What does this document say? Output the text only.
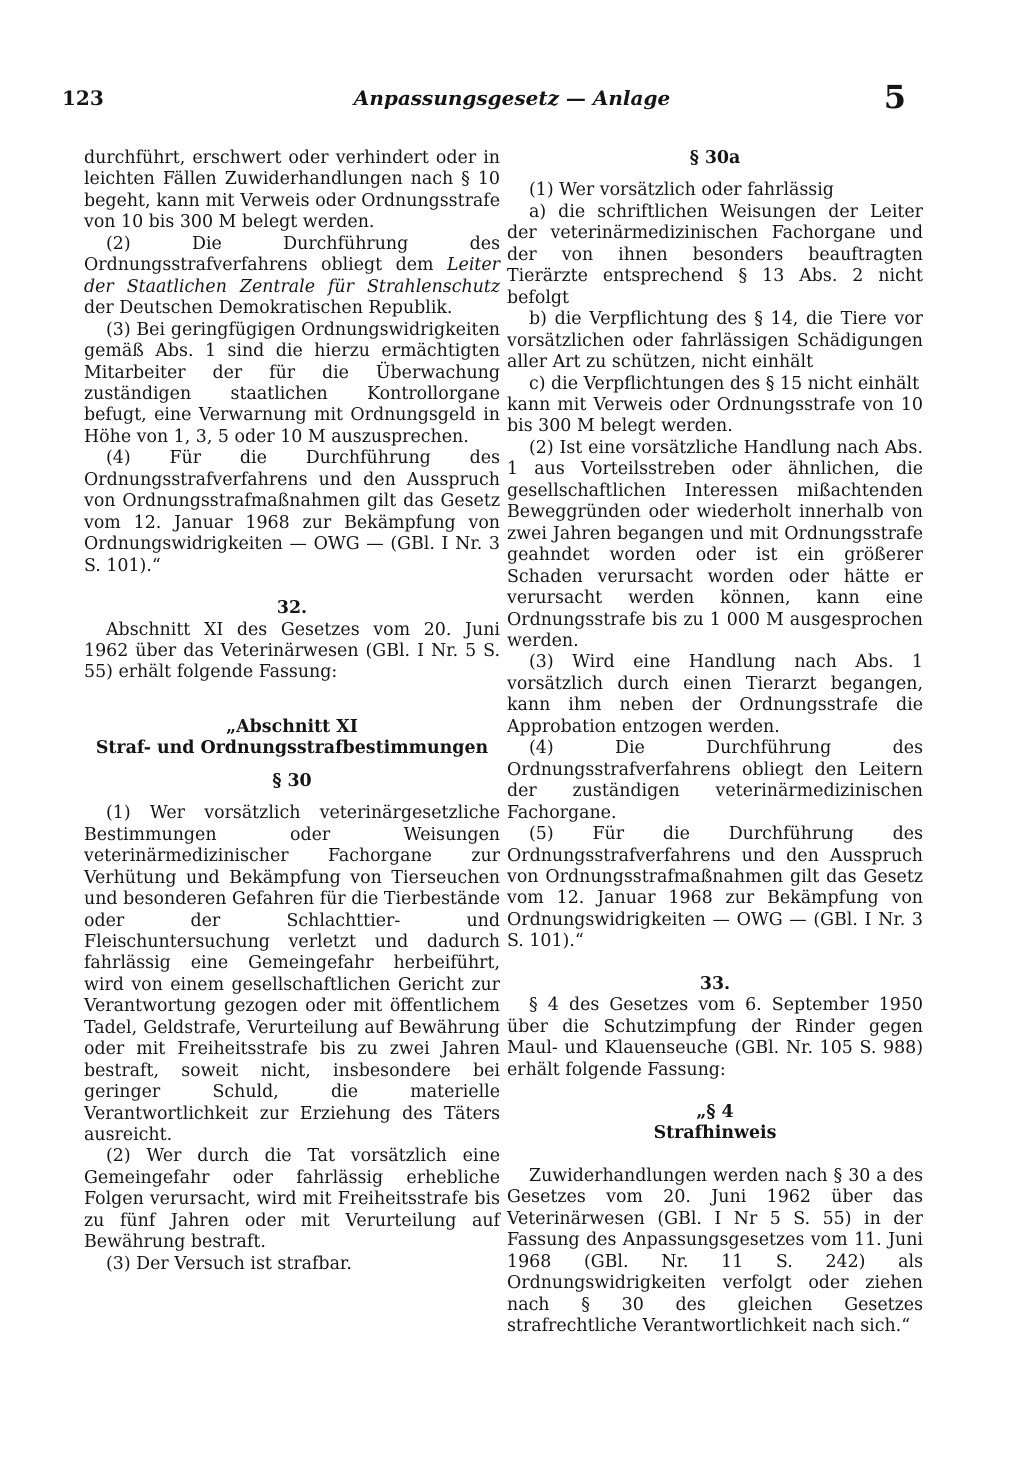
123	Anpassungsgesetz — Anlage	5

durchführt, erschwert oder verhindert oder in leichten Fällen Zuwiderhandlungen nach § 10 begeht, kann mit Verweis oder Ordnungsstrafe von 10 bis 300 M belegt werden.

(2) Die Durchführung des Ordnungsstrafverfahrens obliegt dem Leiter der Staatlichen Zentrale für Strahlenschutz der Deutschen Demokratischen Republik.

(3) Bei geringfügigen Ordnungswidrigkeiten gemäß Abs. 1 sind die hierzu ermächtigten Mitarbeiter der für die Überwachung zuständigen staatlichen Kontrollorgane befugt, eine Verwarnung mit Ordnungsgeld in Höhe von 1, 3, 5 oder 10 M auszusprechen.

(4) Für die Durchführung des Ordnungsstrafverfahrens und den Ausspruch von Ordnungsstrafmaßnahmen gilt das Gesetz vom 12. Januar 1968 zur Bekämpfung von Ordnungswidrigkeiten — OWG — (GBl. I Nr. 3 S. 101).“

32.

Abschnitt XI des Gesetzes vom 20. Juni 1962 über das Veterinärwesen (GBl. I Nr. 5 S. 55) erhält folgende Fassung:

„Abschnitt XI

Straf- und Ordnungsstrafbestimmungen

§ 30

(1) Wer vorsätzlich veterinärgesetzliche Bestimmungen oder Weisungen veterinärmedizinischer Fachorgane zur Verhütung und Bekämpfung von Tierseuchen und besonderen Gefahren für die Tierbestände oder der Schlachttier- und Fleischuntersuchung verletzt und dadurch fahrlässig eine Gemeingefahr herbeiführt, wird von einem gesellschaftlichen Gericht zur Verantwortung gezogen oder mit öffentlichem Tadel, Geldstrafe, Verurteilung auf Bewährung oder mit Freiheitsstrafe bis zu zwei Jahren bestraft, soweit nicht, insbesondere bei geringer Schuld, die materielle Verantwortlichkeit zur Erziehung des Täters ausreicht.

(2) Wer durch die Tat vorsätzlich eine Gemeingefahr oder fahrlässig erhebliche Folgen verursacht, wird mit Freiheitsstrafe bis zu fünf Jahren oder mit Verurteilung auf Bewährung bestraft.

(3) Der Versuch ist strafbar.

§ 30a

(1) Wer vorsätzlich oder fahrlässig

a) die schriftlichen Weisungen der Leiter der veterinärmedizinischen Fachorgane und der von ihnen besonders beauftragten Tierärzte entsprechend § 13 Abs. 2 nicht befolgt

b) die Verpflichtung des § 14, die Tiere vor vorsätzlichen oder fahrlässigen Schädigungen aller Art zu schützen, nicht einhält

c) die Verpflichtungen des § 15 nicht einhält

kann mit Verweis oder Ordnungsstrafe von 10 bis 300 M belegt werden.

(2) Ist eine vorsätzliche Handlung nach Abs. 1 aus Vorteilsstreben oder ähnlichen, die gesellschaftlichen Interessen mißachtenden Beweggründen oder wiederholt innerhalb von zwei Jahren begangen und mit Ordnungsstrafe geahndet worden oder ist ein größerer Schaden verursacht worden oder hätte er verursacht werden können, kann eine Ordnungsstrafe bis zu 1 000 M ausgesprochen werden.

(3) Wird eine Handlung nach Abs. 1 vorsätzlich durch einen Tierarzt begangen, kann ihm neben der Ordnungsstrafe die Approbation entzogen werden.

(4) Die Durchführung des Ordnungsstrafverfahrens obliegt den Leitern der zuständigen veterinärmedizinischen Fachorgane.

(5) Für die Durchführung des Ordnungsstrafverfahrens und den Ausspruch von Ordnungsstrafmaßnahmen gilt das Gesetz vom 12. Januar 1968 zur Bekämpfung von Ordnungswidrigkeiten — OWG — (GBl. I Nr. 3 S. 101).“

33.

§ 4 des Gesetzes vom 6. September 1950 über die Schutzimpfung der Rinder gegen Maul- und Klauenseuche (GBl. Nr. 105 S. 988) erhält folgende Fassung:

„§ 4

Strafhinweis

Zuwiderhandlungen werden nach § 30 a des Gesetzes vom 20. Juni 1962 über das Veterinärwesen (GBl. I Nr 5 S. 55) in der Fassung des Anpassungsgesetzes vom 11. Juni 1968 (GBl. Nr. 11 S. 242) als Ordnungswidrigkeiten verfolgt oder ziehen nach § 30 des gleichen Gesetzes strafrechtliche Verantwortlichkeit nach sich.“
